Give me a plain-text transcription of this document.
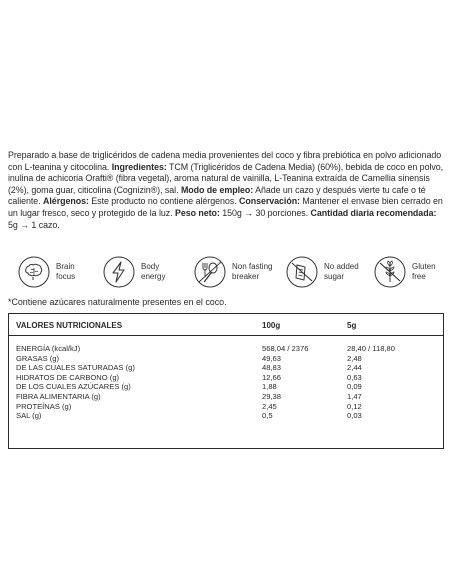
Preparado a base de triglicéridos de cadena media provenientes del coco y fibra prebiótica en polvo adicionado con L-teanina y citocolina. Ingredientes: TCM (Triglicéridos de Cadena Media) (60%), bebida de coco en polvo, inulina de achicoria Orafti® (fibra vegetal), aroma natural de vainilla, L-Teanina extraída de Camellia sinensis (2%), goma guar, citicolina (Cognizin®), sal. Modo de empleo: Añade un cazo y después vierte tu cafe o té caliente. Alérgenos: Este producto no contiene alérgenos. Conservación: Mantener el envase bien cerrado en un lugar fresco, seco y protegido de la luz. Peso neto: 150g → 30 porciones. Cantidad diaria recomendada: 5g → 1 cazo.
Brain
focus
Body
energy
Non fasting
breaker
No added
sugar
Gluten
free
*Contiene azúcares naturalmente presentes en el coco.
VALORES NUTRICIONALES	100g	5g
ENERGÍA (kcal/kJ)	568,04 / 2376	28,40 / 118,80
GRASAS (g)	49,63	2,48
DE LAS CUALES SATURADAS (g)	48,83	2,44
HIDRATOS DE CARBONO (g)	12,66	0,63
DE LOS CUALES AZÚCARES (g)	1,88	0,09
FIBRA ALIMENTARIA (g)	29,38	1,47
PROTEÍNAS (g)	2,45	0,12
SAL (g)	0,5	0,03
